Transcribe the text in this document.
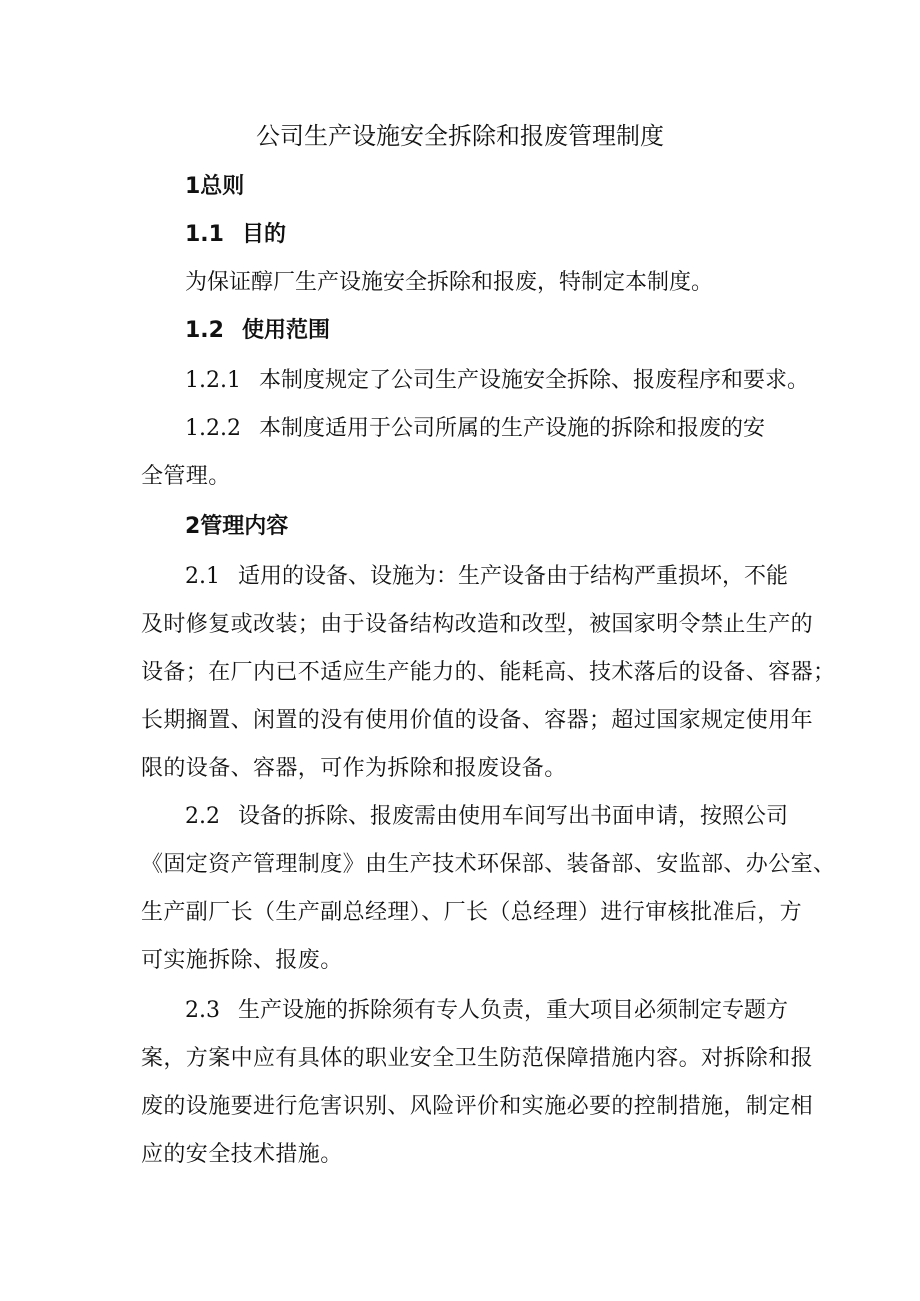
公司生产设施安全拆除和报废管理制度
1总则
1.1 目的
为保证醇厂生产设施安全拆除和报废，特制定本制度。
1.2 使用范围
1.2.1 本制度规定了公司生产设施安全拆除、报废程序和要求。
1.2.2 本制度适用于公司所属的生产设施的拆除和报废的安
全管理。
2管理内容
2.1 适用的设备、设施为：生产设备由于结构严重损坏，不能
及时修复或改装；由于设备结构改造和改型，被国家明令禁止生产的
设备；在厂内已不适应生产能力的、能耗高、技术落后的设备、容器；
长期搁置、闲置的没有使用价值的设备、容器；超过国家规定使用年
限的设备、容器，可作为拆除和报废设备。
2.2 设备的拆除、报废需由使用车间写出书面申请，按照公司
《固定资产管理制度》由生产技术环保部、装备部、安监部、办公室、
生产副厂长（生产副总经理）、厂长（总经理）进行审核批准后，方
可实施拆除、报废。
2.3 生产设施的拆除须有专人负责，重大项目必须制定专题方
案，方案中应有具体的职业安全卫生防范保障措施内容。对拆除和报
废的设施要进行危害识别、风险评价和实施必要的控制措施，制定相
应的安全技术措施。
